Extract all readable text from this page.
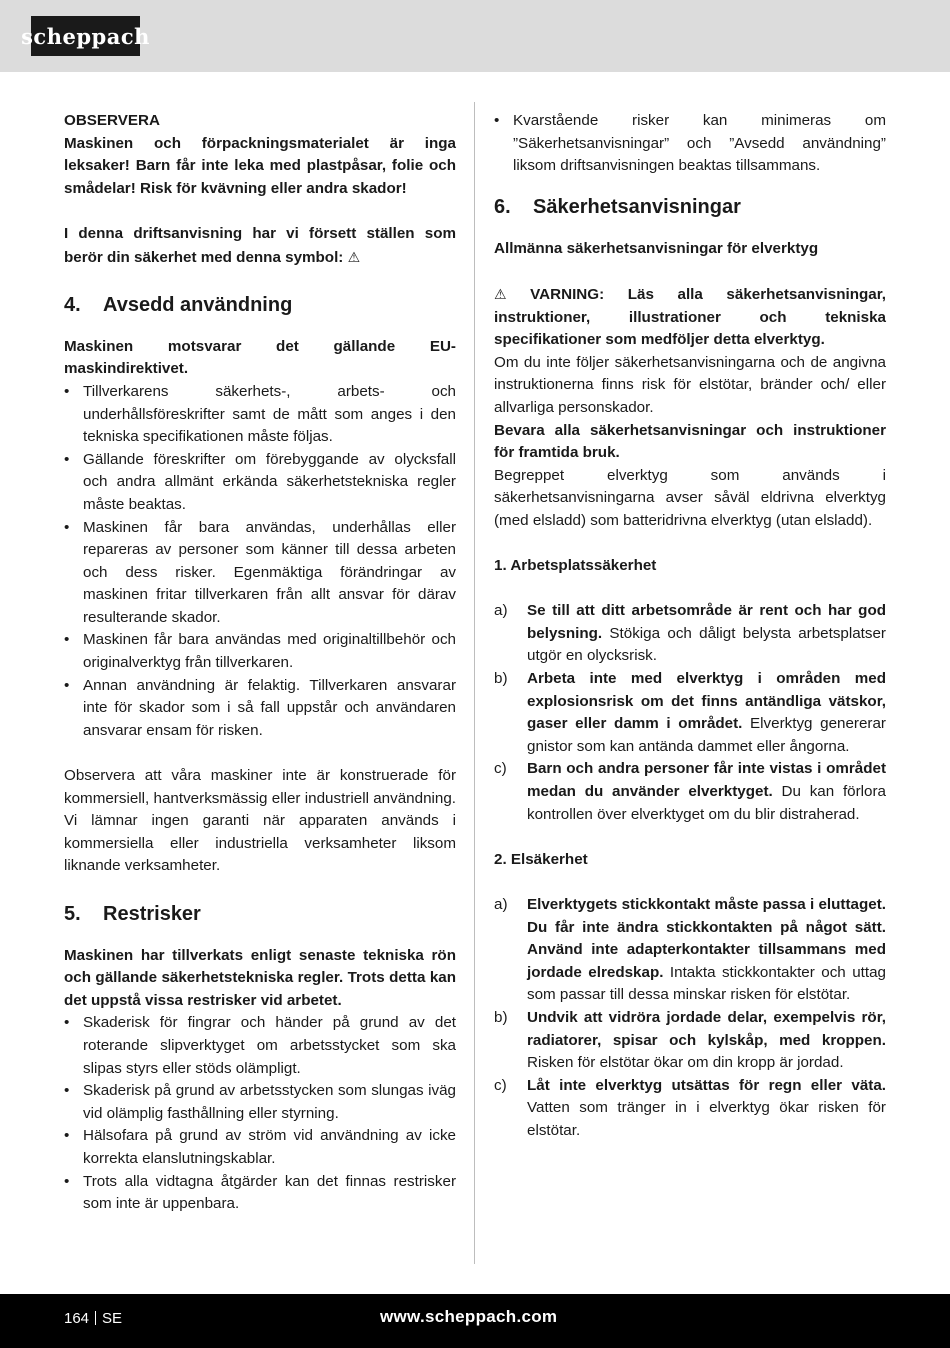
scheppach
OBSERVERA
Maskinen och förpackningsmaterialet är inga leksaker! Barn får inte leka med plastpåsar, folie och smådelar! Risk för kvävning eller andra skador!
I denna driftsanvisning har vi försett ställen som berör din säkerhet med denna symbol: ⚠
4.	Avsedd användning
Maskinen motsvarar det gällande EU-maskindirektivet.
• Tillverkarens säkerhets-, arbets- och underhållsföreskrifter samt de mått som anges i den tekniska specifikationen måste följas.
• Gällande föreskrifter om förebyggande av olycksfall och andra allmänt erkända säkerhetstekniska regler måste beaktas.
• Maskinen får bara användas, underhållas eller repareras av personer som känner till dessa arbeten och dess risker. Egenmäktiga förändringar av maskinen fritar tillverkaren från allt ansvar för därav resulterande skador.
• Maskinen får bara användas med originaltillbehör och originalverktyg från tillverkaren.
• Annan användning är felaktig. Tillverkaren ansvarar inte för skador som i så fall uppstår och användaren ansvarar ensam för risken.
Observera att våra maskiner inte är konstruerade för kommersiell, hantverksmässig eller industriell användning. Vi lämnar ingen garanti när apparaten används i kommersiella eller industriella verksamheter liksom liknande verksamheter.
5.	Restrisker
Maskinen har tillverkats enligt senaste tekniska rön och gällande säkerhetstekniska regler. Trots detta kan det uppstå vissa restrisker vid arbetet.
• Skaderisk för fingrar och händer på grund av det roterande slipverktyget om arbetsstycket som ska slipas styrs eller stöds olämpligt.
• Skaderisk på grund av arbetsstycken som slungas iväg vid olämplig fasthållning eller styrning.
• Hälsofara på grund av ström vid användning av icke korrekta elanslutningskablar.
• Trots alla vidtagna åtgärder kan det finnas restrisker som inte är uppenbara.
• Kvarstående risker kan minimeras om ”Säkerhetsanvisningar” och ”Avsedd användning” liksom driftsanvisningen beaktas tillsammans.
6.	Säkerhetsanvisningar
Allmänna säkerhetsanvisningar för elverktyg
⚠ VARNING: Läs alla säkerhetsanvisningar, instruktioner, illustrationer och tekniska specifikationer som medföljer detta elverktyg.
Om du inte följer säkerhetsanvisningarna och de angivna instruktionerna finns risk för elstötar, bränder och/ eller allvarliga personskador.
Bevara alla säkerhetsanvisningar och instruktioner för framtida bruk.
Begreppet elverktyg som används i säkerhetsanvisningarna avser såväl eldrivna elverktyg (med elsladd) som batteridrivna elverktyg (utan elsladd).
1. Arbetsplatssäkerhet
a)	Se till att ditt arbetsområde är rent och har god belysning. Stökiga och dåligt belysta arbetsplatser utgör en olycksrisk.
b)	Arbeta inte med elverktyg i områden med explosionsrisk om det finns antändliga vätskor, gaser eller damm i området. Elverktyg genererar gnistor som kan antända dammet eller ångorna.
c)	Barn och andra personer får inte vistas i området medan du använder elverktyget. Du kan förlora kontrollen över elverktyget om du blir distraherad.
2. Elsäkerhet
a)	Elverktygets stickkontakt måste passa i eluttaget. Du får inte ändra stickkontakten på något sätt. Använd inte adapterkontakter tillsammans med jordade elredskap. Intakta stickkontakter och uttag som passar till dessa minskar risken för elstötar.
b)	Undvik att vidröra jordade delar, exempelvis rör, radiatorer, spisar och kylskåp, med kroppen. Risken för elstötar ökar om din kropp är jordad.
c)	Låt inte elverktyg utsättas för regn eller väta. Vatten som tränger in i elverktyg ökar risken för elstötar.
164 SE	www.scheppach.com
